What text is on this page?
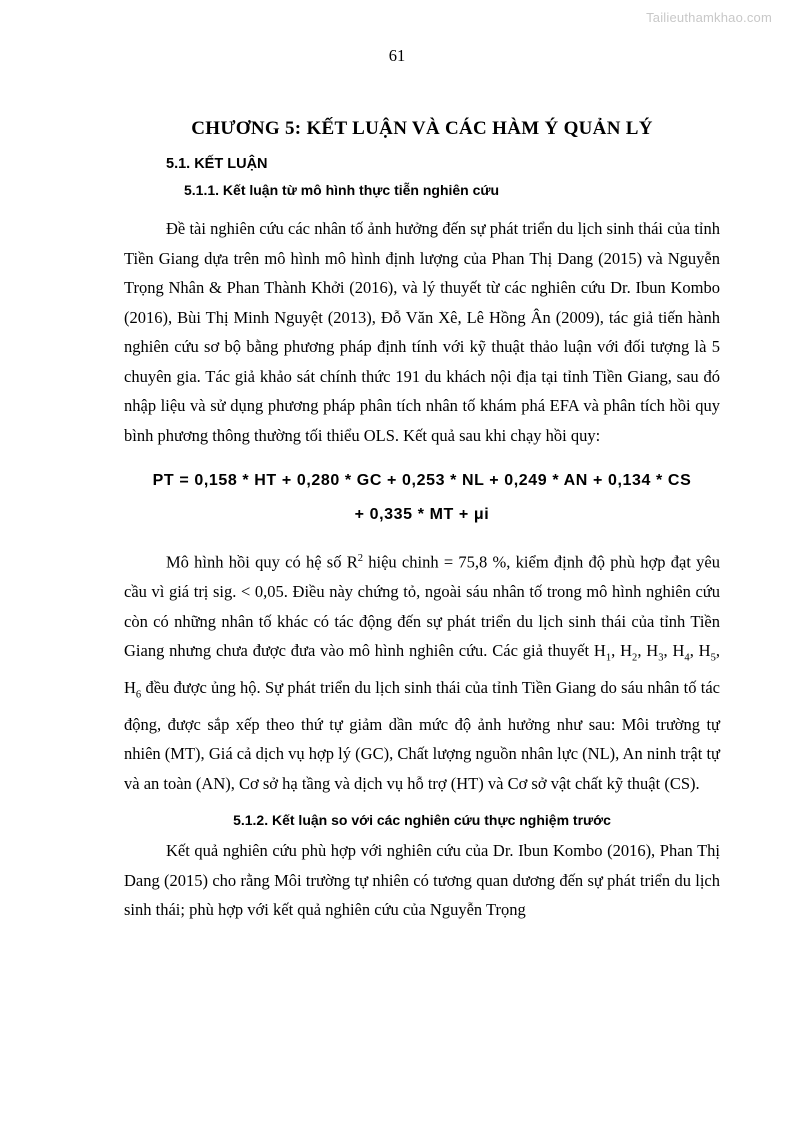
Tailieuthamkhao.com
61
CHƯƠNG 5: KẾT LUẬN VÀ CÁC HÀM Ý QUẢN LÝ
5.1. KẾT LUẬN
5.1.1. Kết luận từ mô hình thực tiễn nghiên cứu

Đề tài nghiên cứu các nhân tố ảnh hưởng đến sự phát triển du lịch sinh thái của tỉnh Tiền Giang dựa trên mô hình mô hình định lượng của Phan Thị Dang (2015) và Nguyễn Trọng Nhân & Phan Thành Khởi (2016), và lý thuyết từ các nghiên cứu Dr. Ibun Kombo (2016), Bùi Thị Minh Nguyệt (2013), Đỗ Văn Xê, Lê Hồng Ân (2009), tác giả tiến hành nghiên cứu sơ bộ bằng phương pháp định tính với kỹ thuật thảo luận với đối tượng là 5 chuyên gia. Tác giả khảo sát chính thức 191 du khách nội địa tại tỉnh Tiền Giang, sau đó nhập liệu và sử dụng phương pháp phân tích nhân tố khám phá EFA và phân tích hồi quy bình phương thông thường tối thiểu OLS. Kết quả sau khi chạy hồi quy:

PT = 0,158 * HT + 0,280 * GC + 0,253 * NL + 0,249 * AN + 0,134 * CS
+ 0,335 * MT + μi

Mô hình hồi quy có hệ số $R^2$ hiệu chinh = 75,8 %, kiểm định độ phù hợp đạt yêu cầu vì giá trị sig. < 0,05. Điều này chứng tỏ, ngoài sáu nhân tố trong mô hình nghiên cứu còn có những nhân tố khác có tác động đến sự phát triển du lịch sinh thái của tỉnh Tiền Giang nhưng chưa được đưa vào mô hình nghiên cứu. Các giả thuyết $H_1$, $H_2$, $H_3$, $H_4$, $H_5$, $H_6$ đều được ủng hộ. Sự phát triển du lịch sinh thái của tỉnh Tiền Giang do sáu nhân tố tác động, được sắp xếp theo thứ tự giảm dần mức độ ảnh hưởng như sau: Môi trường tự nhiên (MT), Giá cả dịch vụ hợp lý (GC), Chất lượng nguồn nhân lực (NL), An ninh trật tự và an toàn (AN), Cơ sở hạ tầng và dịch vụ hỗ trợ (HT) và Cơ sở vật chất kỹ thuật (CS).

5.1.2. Kết luận so với các nghiên cứu thực nghiệm trước

Kết quả nghiên cứu phù hợp với nghiên cứu của Dr. Ibun Kombo (2016), Phan Thị Dang (2015) cho rằng Môi trường tự nhiên có tương quan dương đến sự phát triển du lịch sinh thái; phù hợp với kết quả nghiên cứu của Nguyễn Trọng
